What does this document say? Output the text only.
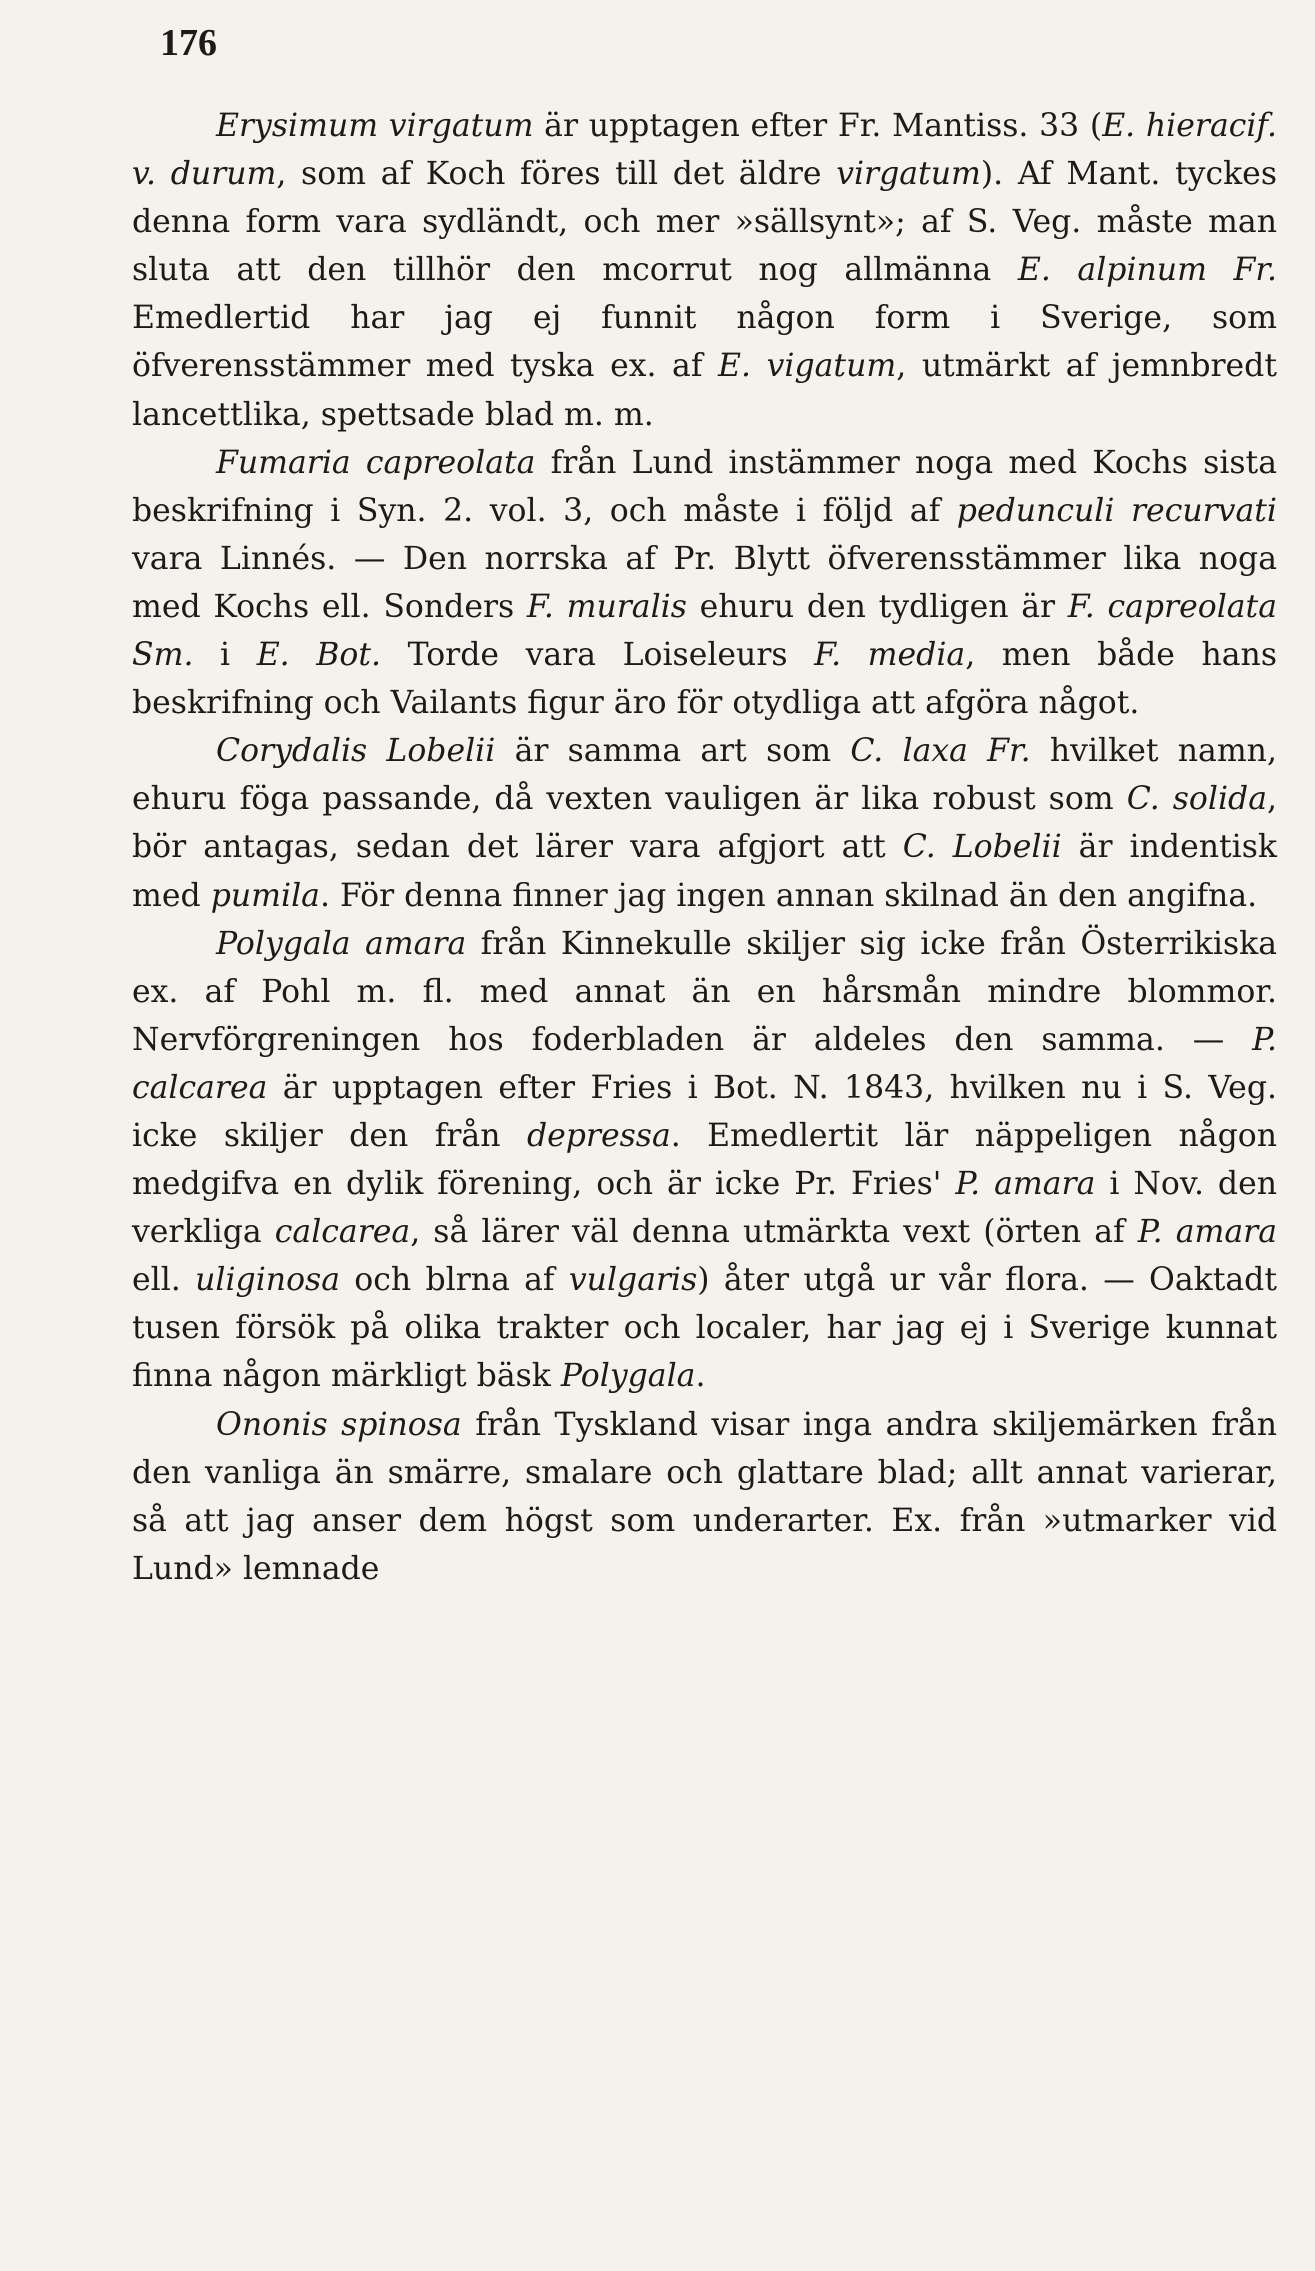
176

Erysimum virgatum är upptagen efter Fr. Mantiss. 33 (E. hieracif. v. durum, som af Koch föres till det äldre virgatum). Af Mant. tyckes denna form vara sydländt, och mer »sällsynt»; af S. Veg. måste man sluta att den tillhör den mcorrut nog allmänna E. alpinum Fr. Emedlertid har jag ej funnit någon form i Sverige, som öfverensstämmer med tyska ex. af E. vigatum, utmärkt af jemnbredt lancettlika, spettsade blad m. m.

Fumaria capreolata från Lund instämmer noga med Kochs sista beskrifning i Syn. 2. vol. 3, och måste i följd af pedunculi recurvati vara Linnés. — Den norrska af Pr. Blytt öfverensstämmer lika noga med Kochs ell. Sonders F. muralis ehuru den tydligen är F. capreolata Sm. i E. Bot. Torde vara Loiseleurs F. media, men både hans beskrifning och Vailants figur äro för otydliga att afgöra något.

Corydalis Lobelii är samma art som C. laxa Fr. hvilket namn, ehuru föga passande, då vexten vauligen är lika robust som C. solida, bör antagas, sedan det lärer vara afgjort att C. Lobelii är indentisk med pumila. För denna finner jag ingen annan skilnad än den angifna.

Polygala amara från Kinnekulle skiljer sig icke från Österrikiska ex. af Pohl m. fl. med annat än en hårsmån mindre blommor. Nervförgreningen hos foderbladen är aldeles den samma. — P. calcarea är upptagen efter Fries i Bot. N. 1843, hvilken nu i S. Veg. icke skiljer den från depressa. Emedlertit lär näppeligen någon medgifva en dylik förening, och är icke Pr. Fries' P. amara i Nov. den verkliga calcarea, så lärer väl denna utmärkta vext (örten af P. amara ell. uliginosa och blrna af vulgaris) åter utgå ur vår flora. — Oaktadt tusen försök på olika trakter och localer, har jag ej i Sverige kunnat finna någon märkligt bäsk Polygala.

Ononis spinosa från Tyskland visar inga andra skiljemärken från den vanliga än smärre, smalare och glattare blad; allt annat varierar, så att jag anser dem högst som underarter. Ex. från »utmarker vid Lund» lemnade
